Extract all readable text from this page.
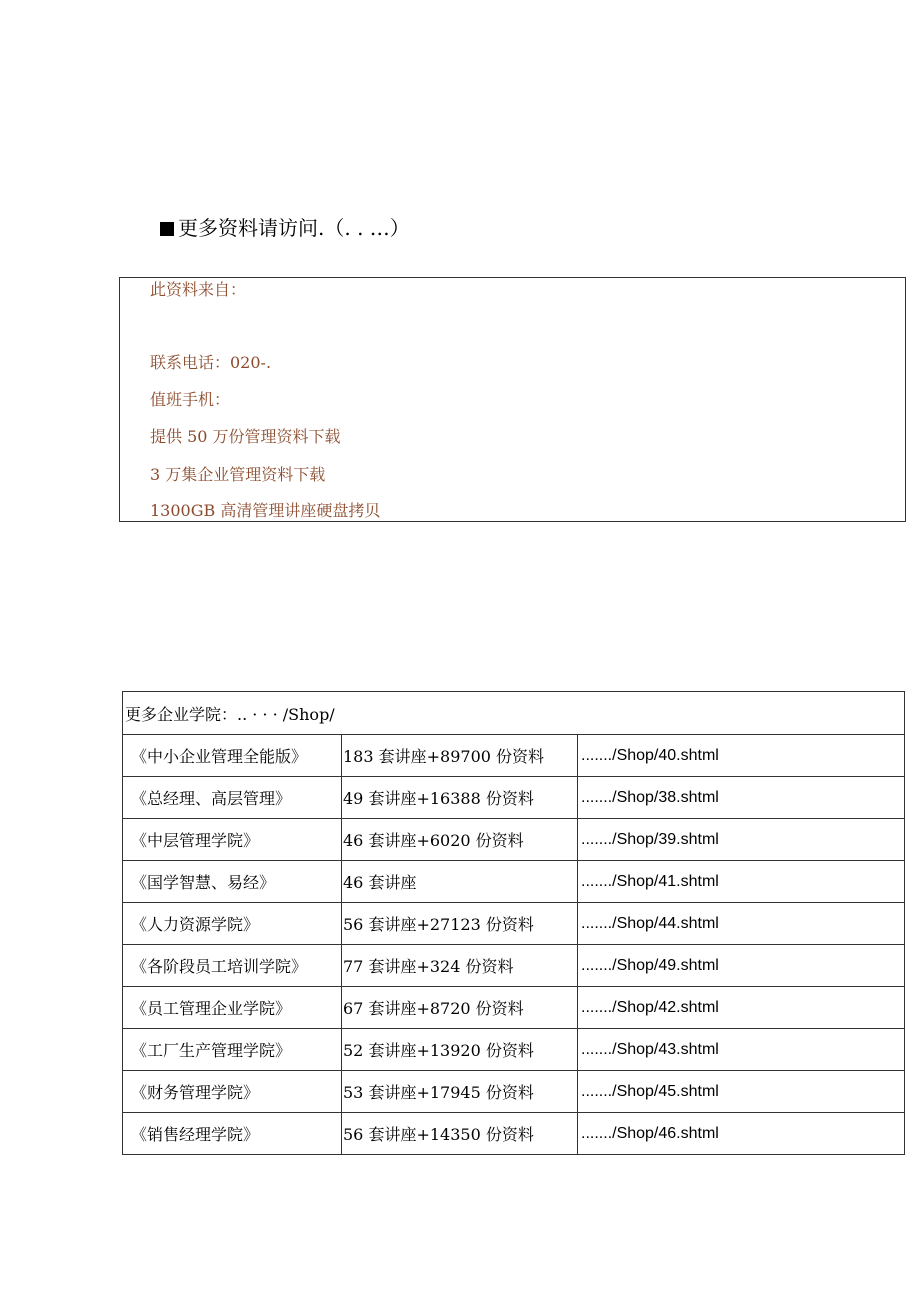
更多资料请访问.（. . …）
此资料来自：
联系电话：020-.
值班手机：
提供 50 万份管理资料下载
3 万集企业管理资料下载
1300GB 高清管理讲座硬盘拷贝
更多企业学院：.. · · · /Shop/		
《中小企业管理全能版》	183 套讲座+89700 份资料	......./Shop/40.shtml
《总经理、高层管理》	49 套讲座+16388 份资料	......./Shop/38.shtml
《中层管理学院》	46 套讲座+6020 份资料	......./Shop/39.shtml
《国学智慧、易经》	46 套讲座	......./Shop/41.shtml
《人力资源学院》	56 套讲座+27123 份资料	......./Shop/44.shtml
《各阶段员工培训学院》	77 套讲座+324 份资料	......./Shop/49.shtml
《员工管理企业学院》	67 套讲座+8720 份资料	......./Shop/42.shtml
《工厂生产管理学院》	52 套讲座+13920 份资料	......./Shop/43.shtml
《财务管理学院》	53 套讲座+17945 份资料	......./Shop/45.shtml
《销售经理学院》	56 套讲座+14350 份资料	......./Shop/46.shtml
